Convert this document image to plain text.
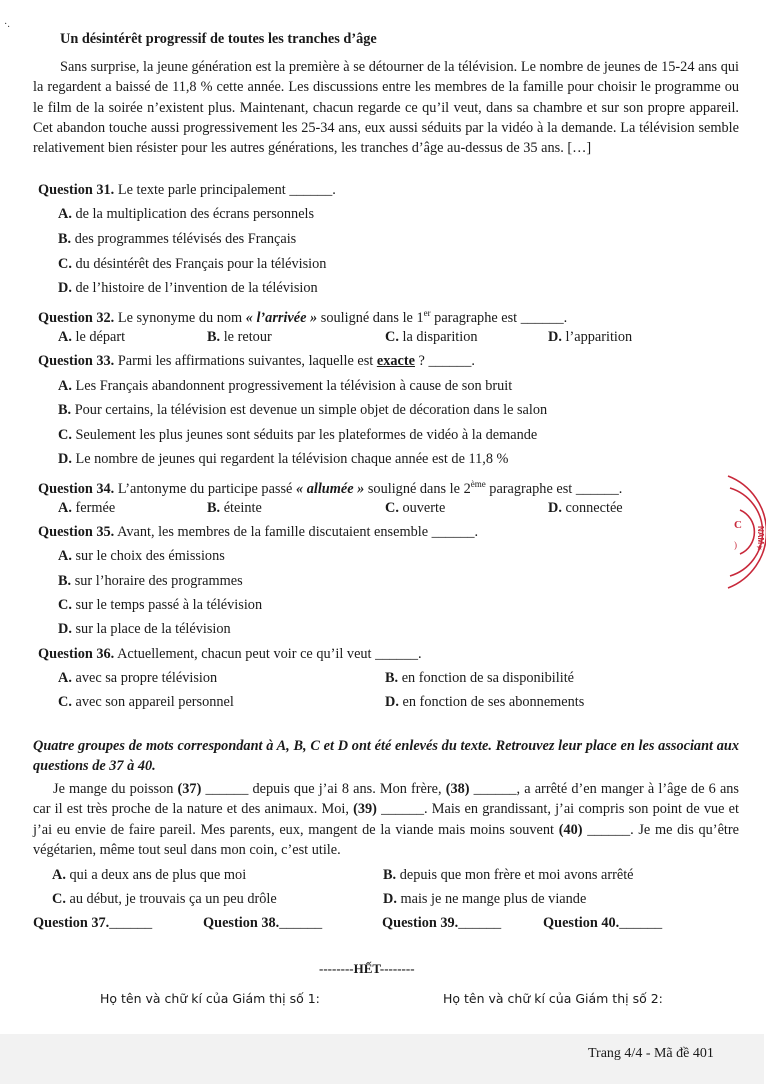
Un désintérêt progressif de toutes les tranches d’âge
Sans surprise, la jeune génération est la première à se détourner de la télévision. Le nombre de jeunes de 15-24 ans qui la regardent a baissé de 11,8 % cette année. Les discussions entre les membres de la famille pour choisir le programme ou le film de la soirée n’existent plus. Maintenant, chacun regarde ce qu’il veut, dans sa chambre et sur son propre appareil. Cet abandon touche aussi progressivement les 25-34 ans, eux aussi séduits par la vidéo à la demande. La télévision semble relativement bien résister pour les autres générations, les tranches d’âge au-dessus de 35 ans. […]
Question 31. Le texte parle principalement ______.
A. de la multiplication des écrans personnels
B. des programmes télévisés des Français
C. du désintérêt des Français pour la télévision
D. de l’histoire de l’invention de la télévision
Question 32. Le synonyme du nom « l’arrivée » souligné dans le 1er paragraphe est ______.
A. le départ	B. le retour	C. la disparition	D. l’apparition
Question 33. Parmi les affirmations suivantes, laquelle est exacte ? ______.
A. Les Français abandonnent progressivement la télévision à cause de son bruit
B. Pour certains, la télévision est devenue un simple objet de décoration dans le salon
C. Seulement les plus jeunes sont séduits par les plateformes de vidéo à la demande
D. Le nombre de jeunes qui regardent la télévision chaque année est de 11,8 %
Question 34. L’antonyme du participe passé « allumée » souligné dans le 2ème paragraphe est ______.
A. fermée	B. éteinte	C. ouverte	D. connectée
Question 35. Avant, les membres de la famille discutaient ensemble ______.
A. sur le choix des émissions
B. sur l’horaire des programmes
C. sur le temps passé à la télévision
D. sur la place de la télévision
Question 36. Actuellement, chacun peut voir ce qu’il veut ______.
A. avec sa propre télévision	B. en fonction de sa disponibilité
C. avec son appareil personnel	D. en fonction de ses abonnements
Quatre groupes de mots correspondant à A, B, C et D ont été enlevés du texte. Retrouvez leur place en les associant aux questions de 37 à 40.
Je mange du poisson (37) ______ depuis que j’ai 8 ans. Mon frère, (38) ______, a arrêté d’en manger à l’âge de 6 ans car il est très proche de la nature et des animaux. Moi, (39) ______. Mais en grandissant, j’ai compris son point de vue et j’ai eu envie de faire pareil. Mes parents, eux, mangent de la viande mais moins souvent (40) ______. Je me dis qu’être végétarien, même tout seul dans mon coin, c’est utile.
A. qui a deux ans de plus que moi	B. depuis que mon frère et moi avons arrêté
C. au début, je trouvais ça un peu drôle	D. mais je ne mange plus de viande
Question 37.______	Question 38.______	Question 39.______	Question 40.______
--------HẾT--------
Họ tên và chữ kí của Giám thị số 1:	Họ tên và chữ kí của Giám thị số 2:
Trang 4/4 - Mã đề 401
C
NAM
★
)
·.
